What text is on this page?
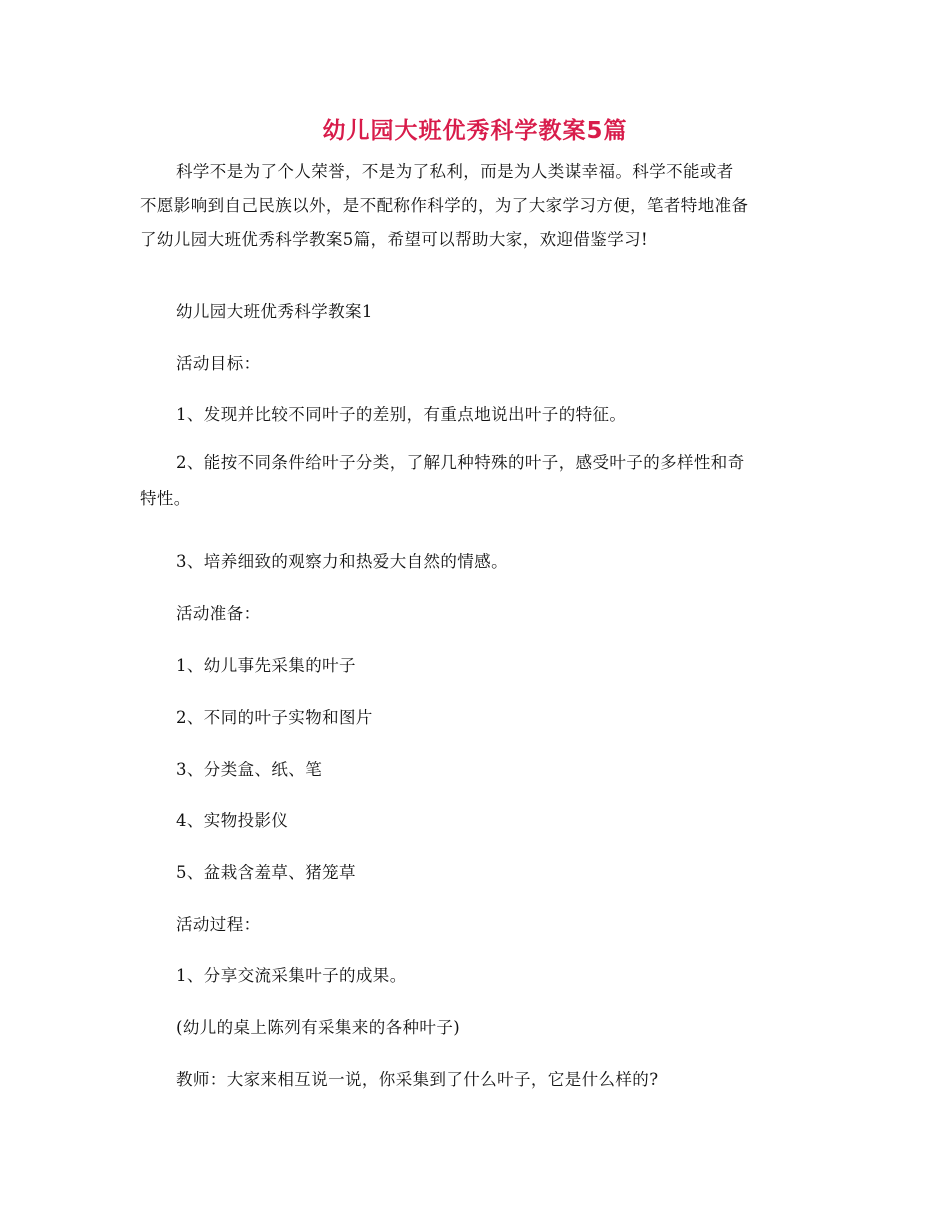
幼儿园大班优秀科学教案5篇
科学不是为了个人荣誉，不是为了私利，而是为人类谋幸福。科学不能或者
不愿影响到自己民族以外，是不配称作科学的，为了大家学习方便，笔者特地准备
了幼儿园大班优秀科学教案5篇，希望可以帮助大家，欢迎借鉴学习!
幼儿园大班优秀科学教案1
活动目标：
1、发现并比较不同叶子的差别，有重点地说出叶子的特征。
2、能按不同条件给叶子分类，了解几种特殊的叶子，感受叶子的多样性和奇
特性。
3、培养细致的观察力和热爱大自然的情感。
活动准备：
1、幼儿事先采集的叶子
2、不同的叶子实物和图片
3、分类盒、纸、笔
4、实物投影仪
5、盆栽含羞草、猪笼草
活动过程：
1、分享交流采集叶子的成果。
(幼儿的桌上陈列有采集来的各种叶子)
教师：大家来相互说一说，你采集到了什么叶子，它是什么样的?
